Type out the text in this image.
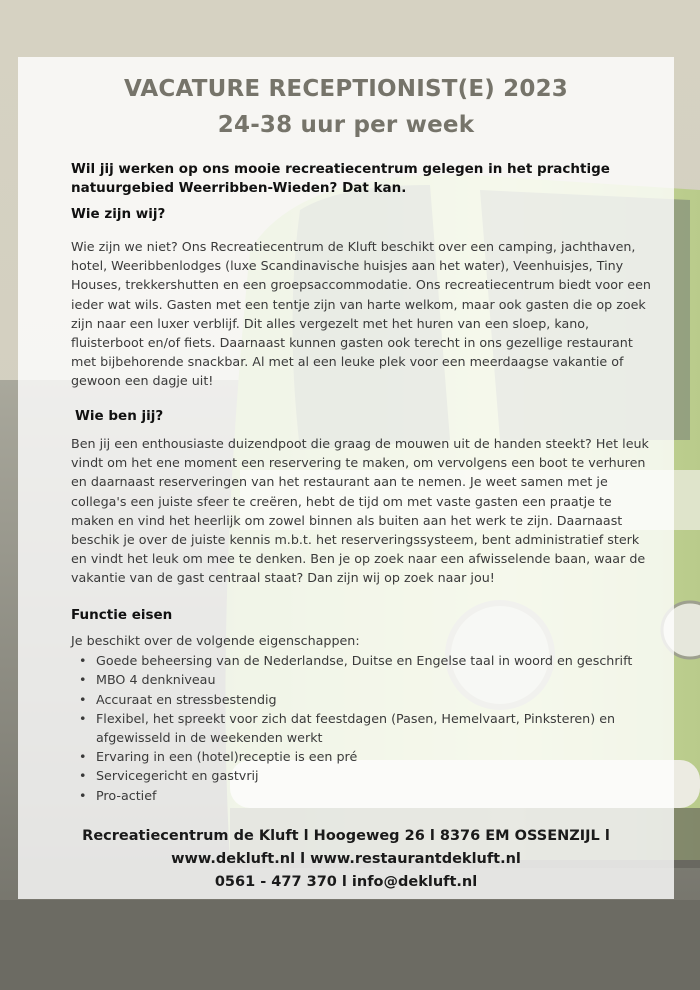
VACATURE RECEPTIONIST(E) 2023
24-38 uur per week
Wil jij werken op ons mooie recreatiecentrum gelegen in het prachtige natuurgebied Weerribben-Wieden? Dat kan.
Wie zijn wij?
Wie zijn we niet? Ons Recreatiecentrum de Kluft beschikt over een camping, jachthaven, hotel, Weeribbenlodges (luxe Scandinavische huisjes aan het water), Veenhuisjes, Tiny Houses, trekkershutten en een groepsaccommodatie. Ons recreatiecentrum biedt voor een ieder wat wils. Gasten met een tentje zijn van harte welkom, maar ook gasten die op zoek zijn naar een luxer verblijf. Dit alles vergezelt met het huren van een sloep, kano, fluisterboot en/of fiets. Daarnaast kunnen gasten ook terecht in ons gezellige restaurant met bijbehorende snackbar. Al met al een leuke plek voor een meerdaagse vakantie of gewoon een dagje uit!
Wie ben jij?
Ben jij een enthousiaste duizendpoot die graag de mouwen uit de handen steekt? Het leuk vindt om het ene moment een reservering te maken, om vervolgens een boot te verhuren en daarnaast reserveringen van het restaurant aan te nemen. Je weet samen met je collega's een juiste sfeer te creëren, hebt de tijd om met vaste gasten een praatje te maken en vind het heerlijk om zowel binnen als buiten aan het werk te zijn. Daarnaast beschik je over de juiste kennis m.b.t. het reserveringssysteem, bent administratief sterk en vindt het leuk om mee te denken. Ben je op zoek naar een afwisselende baan, waar de vakantie van de gast centraal staat? Dan zijn wij op zoek naar jou!
Functie eisen
Je beschikt over de volgende eigenschappen:
• Goede beheersing van de Nederlandse, Duitse en Engelse taal in woord en geschrift
• MBO 4 denkniveau
• Accuraat en stressbestendig
• Flexibel, het spreekt voor zich dat feestdagen (Pasen, Hemelvaart, Pinksteren) en afgewisseld in de weekenden werkt
• Ervaring in een (hotel)receptie is een pré
• Servicegericht en gastvrij
• Pro-actief
Recreatiecentrum de Kluft l Hoogeweg 26 l 8376 EM OSSENZIJL l
www.dekluft.nl l www.restaurantdekluft.nl
0561 - 477 370 l info@dekluft.nl
